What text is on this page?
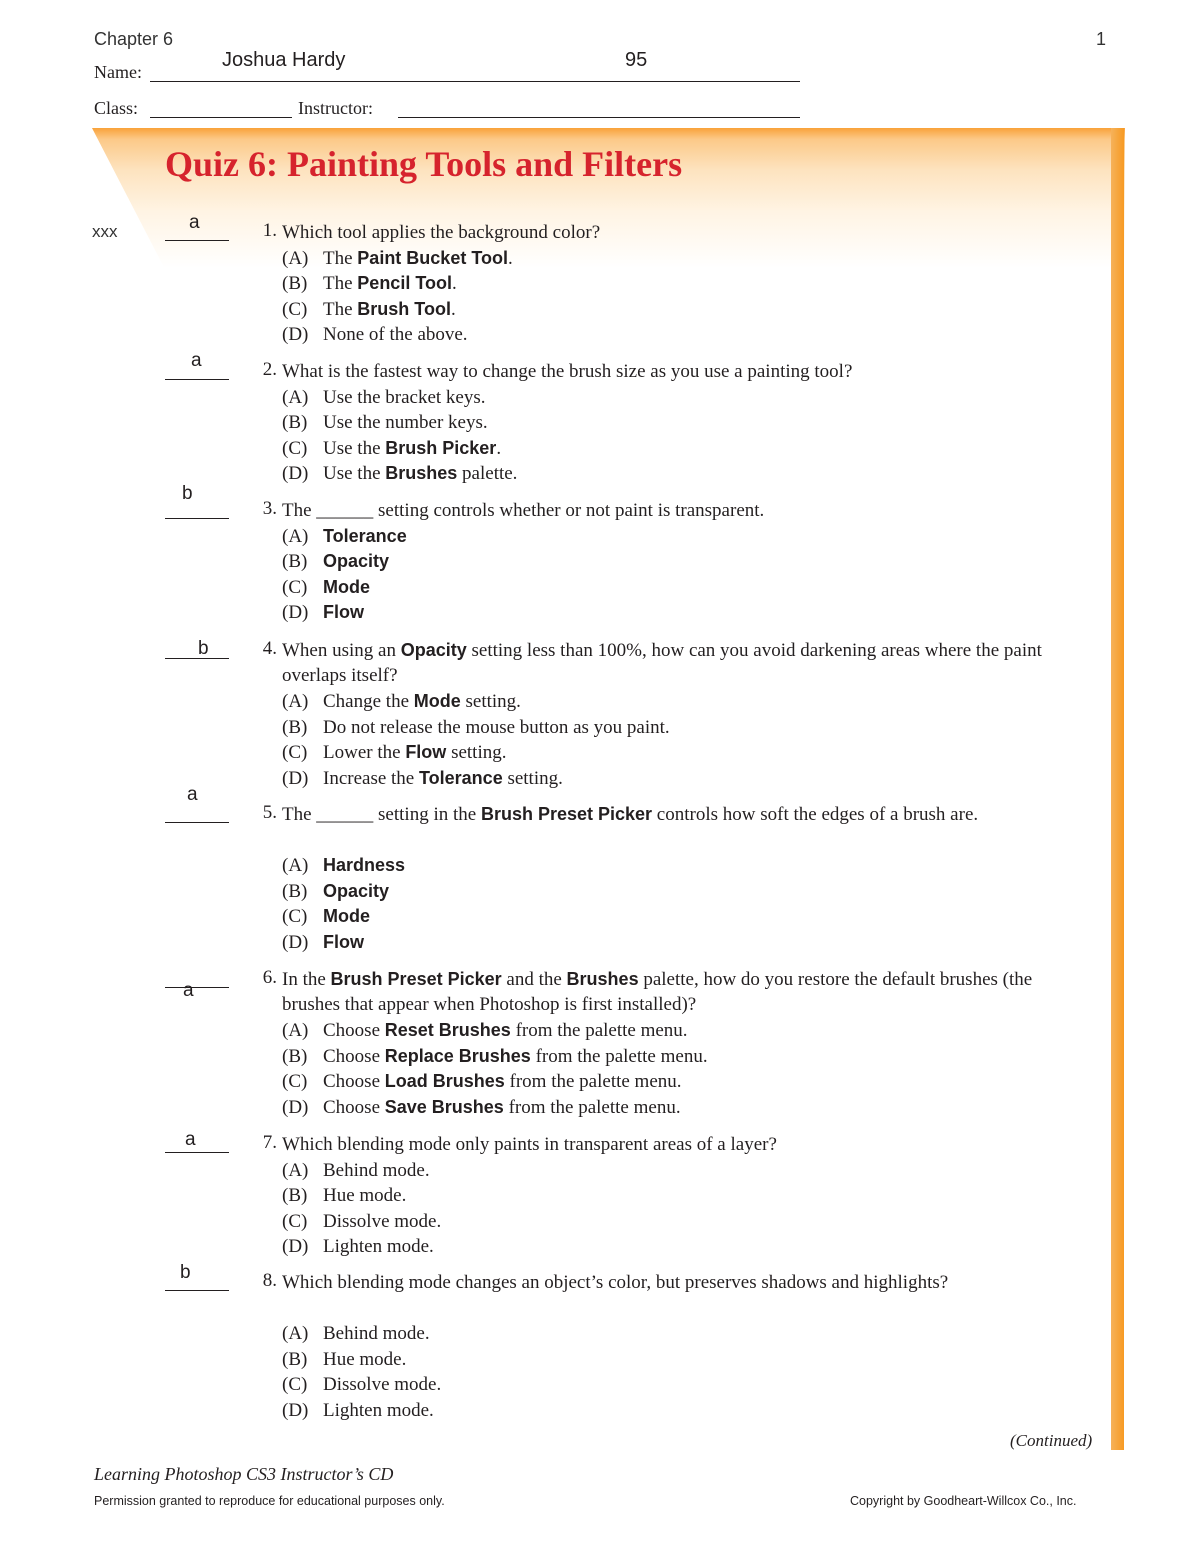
Chapter 6	1
Name:
Joshua Hardy	95
Class:	Instructor:
Quiz 6: Painting Tools and Filters
xxx	a	1. Which tool applies the background color?
(A) The Paint Bucket Tool.
(B) The Pencil Tool.
(C) The Brush Tool.
(D) None of the above.
a	2. What is the fastest way to change the brush size as you use a painting tool?
(A) Use the bracket keys.
(B) Use the number keys.
(C) Use the Brush Picker.
(D) Use the Brushes palette.
b
3. The ______ setting controls whether or not paint is transparent.
(A) Tolerance
(B) Opacity
(C) Mode
(D) Flow
b	4. When using an Opacity setting less than 100%, how can you avoid darkening areas where the paint overlaps itself?
(A) Change the Mode setting.
(B) Do not release the mouse button as you paint.
(C) Lower the Flow setting.
(D) Increase the Tolerance setting.
a
5. The ______ setting in the Brush Preset Picker controls how soft the edges of a brush are.
(A) Hardness
(B) Opacity
(C) Mode
(D) Flow
a
6. In the Brush Preset Picker and the Brushes palette, how do you restore the default brushes (the brushes that appear when Photoshop is first installed)?
(A) Choose Reset Brushes from the palette menu.
(B) Choose Replace Brushes from the palette menu.
(C) Choose Load Brushes from the palette menu.
(D) Choose Save Brushes from the palette menu.
a	7. Which blending mode only paints in transparent areas of a layer?
(A) Behind mode.
(B) Hue mode.
(C) Dissolve mode.
(D) Lighten mode.
b	8. Which blending mode changes an object’s color, but preserves shadows and highlights?
(A) Behind mode.
(B) Hue mode.
(C) Dissolve mode.
(D) Lighten mode.
(Continued)
Learning Photoshop CS3 Instructor’s CD
Permission granted to reproduce for educational purposes only.	Copyright by Goodheart-Willcox Co., Inc.
